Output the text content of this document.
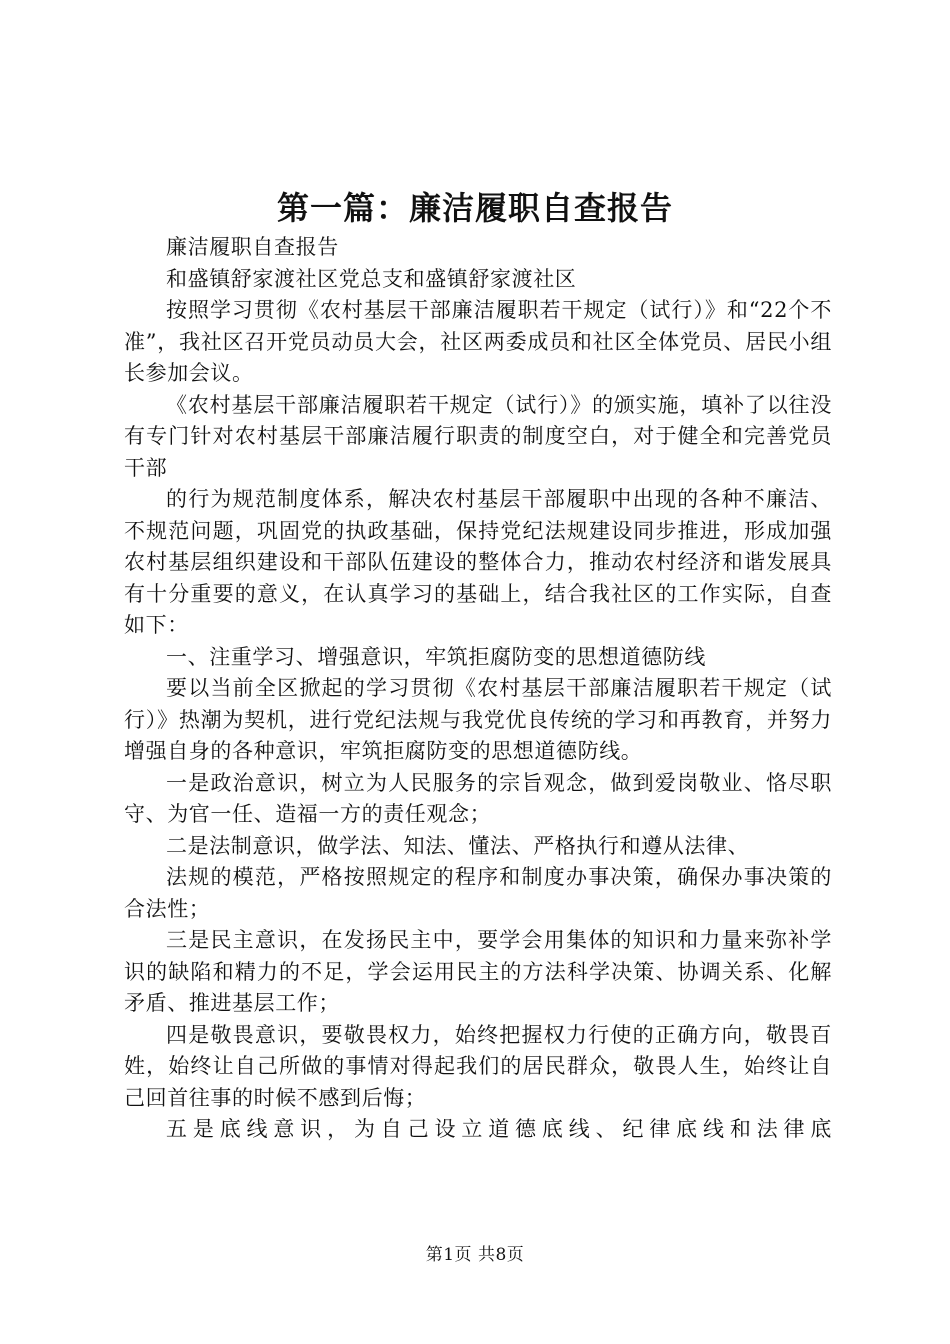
第一篇：廉洁履职自查报告

廉洁履职自查报告

和盛镇舒家渡社区党总支和盛镇舒家渡社区

按照学习贯彻《农村基层干部廉洁履职若干规定（试行）》和“22个不准”，我社区召开党员动员大会，社区两委成员和社区全体党员、居民小组长参加会议。

《农村基层干部廉洁履职若干规定（试行）》的颁实施，填补了以往没有专门针对农村基层干部廉洁履行职责的制度空白，对于健全和完善党员干部

的行为规范制度体系，解决农村基层干部履职中出现的各种不廉洁、不规范问题，巩固党的执政基础，保持党纪法规建设同步推进，形成加强农村基层组织建设和干部队伍建设的整体合力，推动农村经济和谐发展具有十分重要的意义，在认真学习的基础上，结合我社区的工作实际，自查如下：

一、注重学习、增强意识，牢筑拒腐防变的思想道德防线

要以当前全区掀起的学习贯彻《农村基层干部廉洁履职若干规定（试行）》热潮为契机，进行党纪法规与我党优良传统的学习和再教育，并努力增强自身的各种意识，牢筑拒腐防变的思想道德防线。

一是政治意识，树立为人民服务的宗旨观念，做到爱岗敬业、恪尽职守、为官一任、造福一方的责任观念；

二是法制意识，做学法、知法、懂法、严格执行和遵从法律、

法规的模范，严格按照规定的程序和制度办事决策，确保办事决策的合法性；

三是民主意识，在发扬民主中，要学会用集体的知识和力量来弥补学识的缺陷和精力的不足，学会运用民主的方法科学决策、协调关系、化解矛盾、推进基层工作；

四是敬畏意识，要敬畏权力，始终把握权力行使的正确方向，敬畏百姓，始终让自己所做的事情对得起我们的居民群众，敬畏人生，始终让自己回首往事的时候不感到后悔；

五是底线意识，为自己设立道德底线、纪律底线和法律底

第1页 共8页
